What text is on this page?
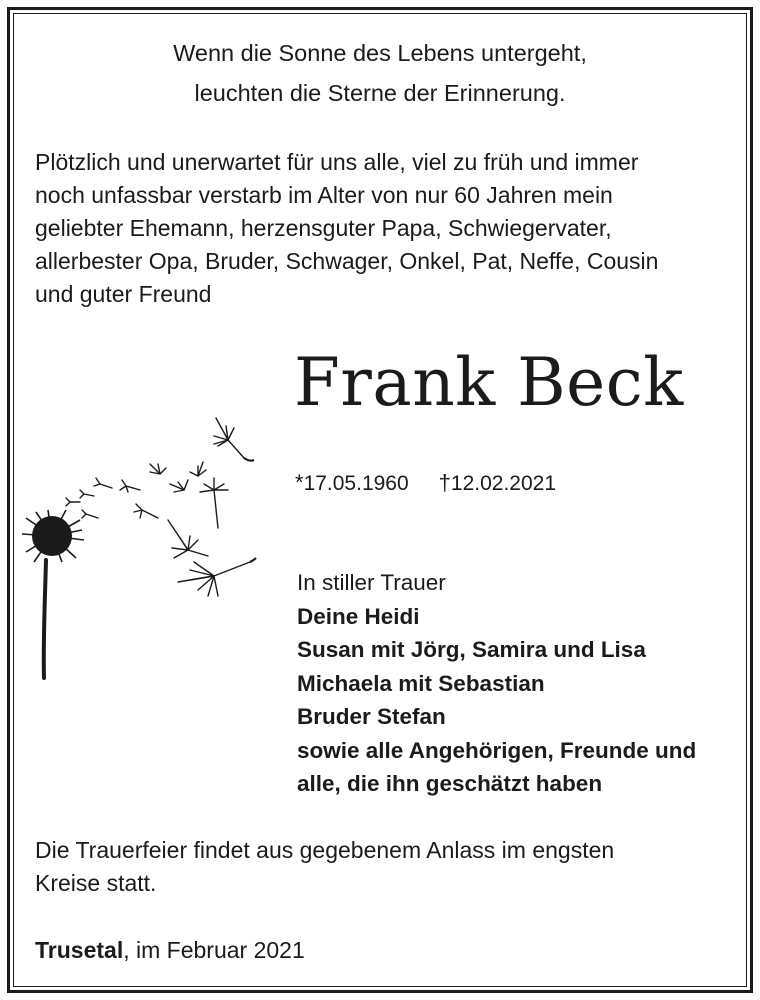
Wenn die Sonne des Lebens untergeht,
leuchten die Sterne der Erinnerung.
Plötzlich und unerwartet für uns alle, viel zu früh und immer
noch unfassbar verstarb im Alter von nur 60 Jahren mein
geliebter Ehemann, herzensguter Papa, Schwiegervater,
allerbester Opa, Bruder, Schwager, Onkel, Pat, Neffe, Cousin
und guter Freund
Frank Beck
*17.05.1960 †12.02.2021
In stiller Trauer
Deine Heidi
Susan mit Jörg, Samira und Lisa
Michaela mit Sebastian
Bruder Stefan
sowie alle Angehörigen, Freunde und
alle, die ihn geschätzt haben
Die Trauerfeier findet aus gegebenem Anlass im engsten
Kreise statt.
Trusetal, im Februar 2021
